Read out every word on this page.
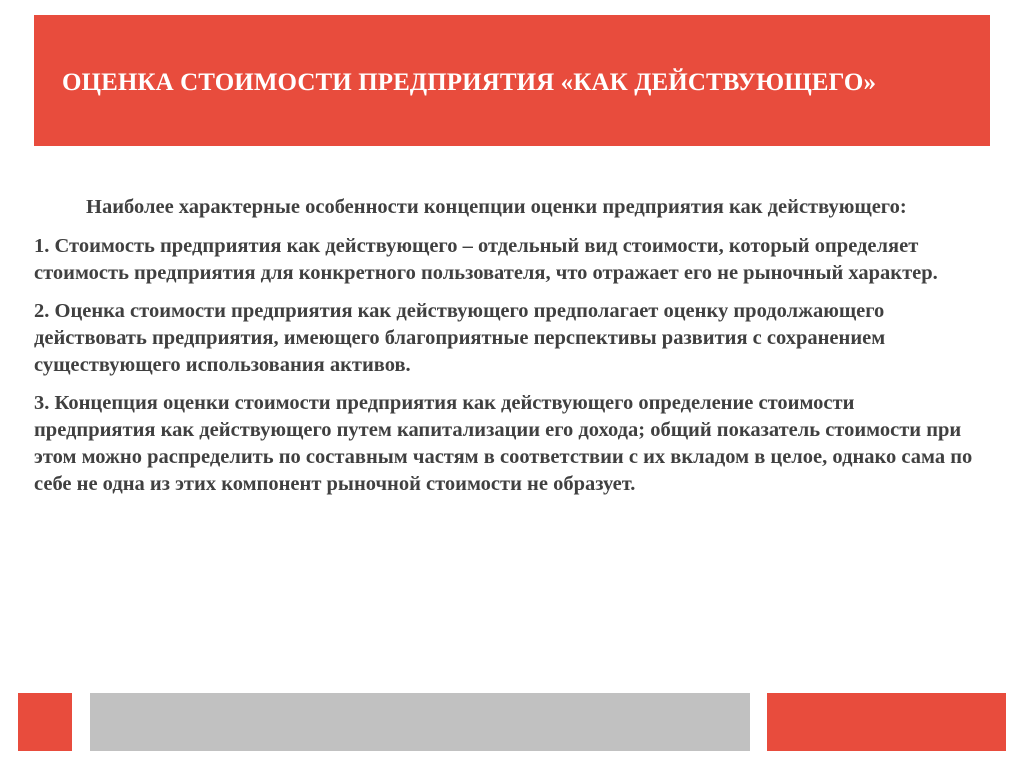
ОЦЕНКА СТОИМОСТИ ПРЕДПРИЯТИЯ «КАК ДЕЙСТВУЮЩЕГО»

Наиболее характерные особенности концепции оценки предприятия как действующего:

1. Стоимость предприятия как действующего – отдельный вид стоимости, который определяет стоимость предприятия для конкретного пользователя, что отражает его не рыночный характер.

2. Оценка стоимости предприятия как действующего предполагает оценку продолжающего действовать предприятия, имеющего благоприятные перспективы развития с сохранением существующего использования активов.

3. Концепция оценки стоимости предприятия как действующего определение стоимости предприятия как действующего путем капитализации его дохода; общий показатель стоимости при этом можно распределить по составным частям в соответствии с их вкладом в целое, однако сама по себе не одна из этих компонент рыночной стоимости не образует.
